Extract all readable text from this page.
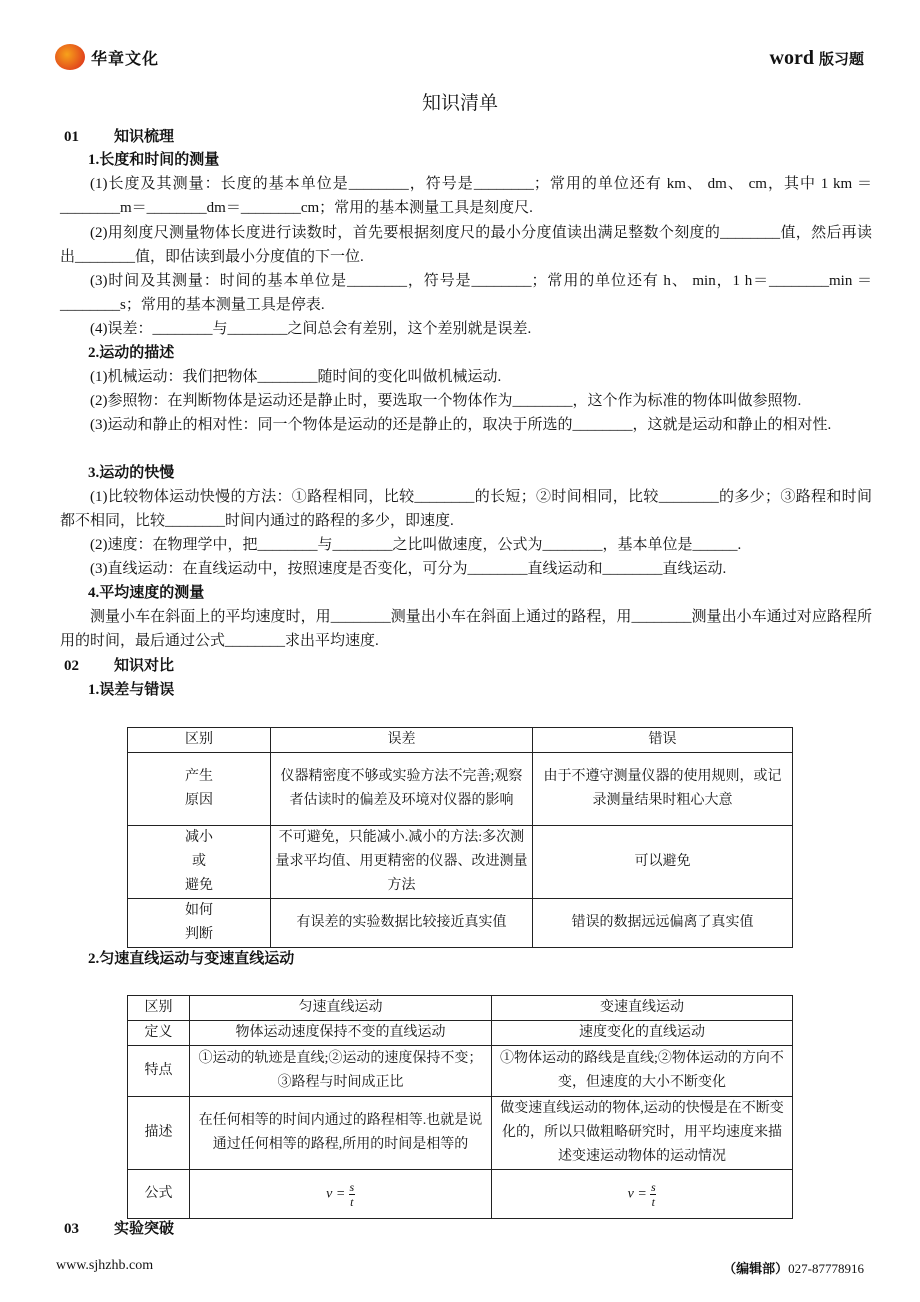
华章文化	word 版习题
知识清单
01 知识梳理
1.长度和时间的测量
(1)长度及其测量：长度的基本单位是________，符号是________；常用的单位还有 km、 dm、 cm，其中 1 km ＝________m＝________dm＝________cm；常用的基本测量工具是刻度尺.
(2)用刻度尺测量物体长度进行读数时，首先要根据刻度尺的最小分度值读出满足整数个刻度的________值，然后再读出________值，即估读到最小分度值的下一位.
(3)时间及其测量：时间的基本单位是________，符号是________；常用的单位还有 h、 min，1 h＝________min ＝________s；常用的基本测量工具是停表.
(4)误差：________与________之间总会有差别，这个差别就是误差.
2.运动的描述
(1)机械运动：我们把物体________随时间的变化叫做机械运动.
(2)参照物：在判断物体是运动还是静止时，要选取一个物体作为________，这个作为标准的物体叫做参照物.
(3)运动和静止的相对性：同一个物体是运动的还是静止的，取决于所选的________，这就是运动和静止的相对性.
3.运动的快慢
(1)比较物体运动快慢的方法：①路程相同，比较________的长短；②时间相同，比较________的多少；③路程和时间都不相同，比较________时间内通过的路程的多少，即速度.
(2)速度：在物理学中，把________与________之比叫做速度，公式为________，基本单位是______.
(3)直线运动：在直线运动中，按照速度是否变化，可分为________直线运动和________直线运动.
4.平均速度的测量
测量小车在斜面上的平均速度时，用________测量出小车在斜面上通过的路程，用________测量出小车通过对应路程所用的时间，最后通过公式________求出平均速度.
02 知识对比
1.误差与错误
区别	误差	错误
产生
原因	仪器精密度不够或实验方法不完善;观察者估读时的偏差及环境对仪器的影响	由于不遵守测量仪器的使用规则，或记录测量结果时粗心大意
减小
或
避免	不可避免，只能减小.减小的方法:多次测量求平均值、用更精密的仪器、改进测量方法	可以避免
如何
判断	有误差的实验数据比较接近真实值	错误的数据远远偏离了真实值
2.匀速直线运动与变速直线运动
区别	匀速直线运动	变速直线运动
定义	物体运动速度保持不变的直线运动	速度变化的直线运动
特点	①运动的轨迹是直线;②运动的速度保持不变；③路程与时间成正比	①物体运动的路线是直线;②物体运动的方向不变，但速度的大小不断变化
描述	在任何相等的时间内通过的路程相等.也就是说通过任何相等的路程,所用的时间是相等的	做变速直线运动的物体,运动的快慢是在不断变化的，所以只做粗略研究时，用平均速度来描述变速运动物体的运动情况
公式	$v = \frac{s}{t}$	$v = \frac{s}{t}$
03 实验突破
www.sjhzhb.com	（编辑部）027-87778916
